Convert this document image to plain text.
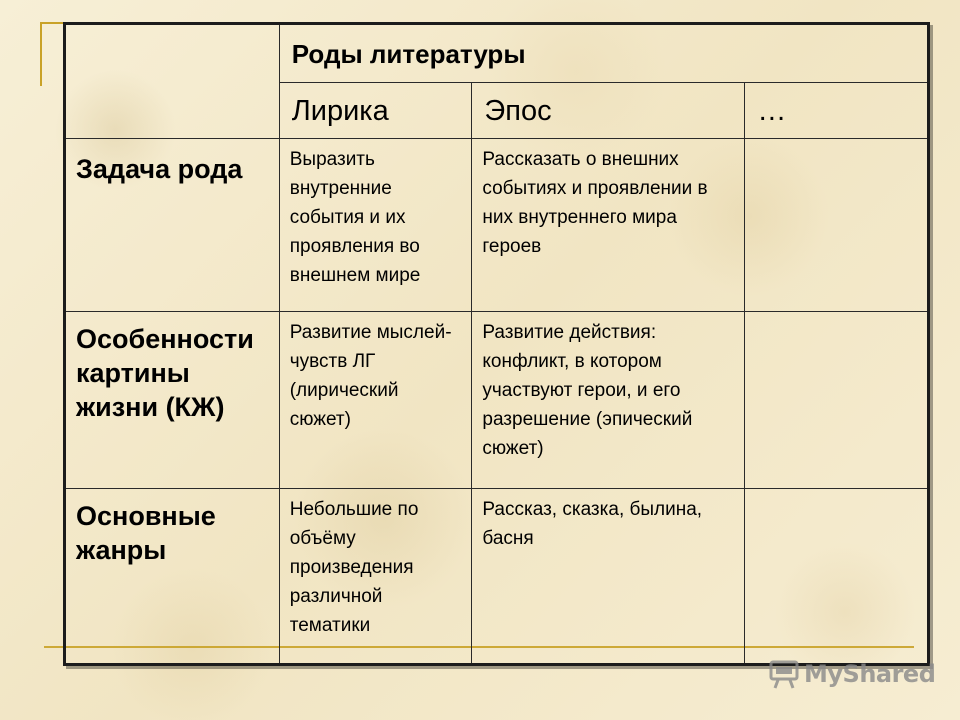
	Роды литературы		
	Лирика	Эпос	…
Задача рода	Выразить внутренние события и их проявления во внешнем мире	Рассказать о внешних событиях и проявлении в них внутреннего мира героев	
Особенности картины жизни (КЖ)	Развитие мыслей-чувств ЛГ (лирический сюжет)	Развитие действия: конфликт, в котором участвуют герои, и его разрешение (эпический сюжет)	
Основные жанры	Небольшие по объёму произведения различной тематики	Рассказ, сказка, былина, басня	
MyShared
